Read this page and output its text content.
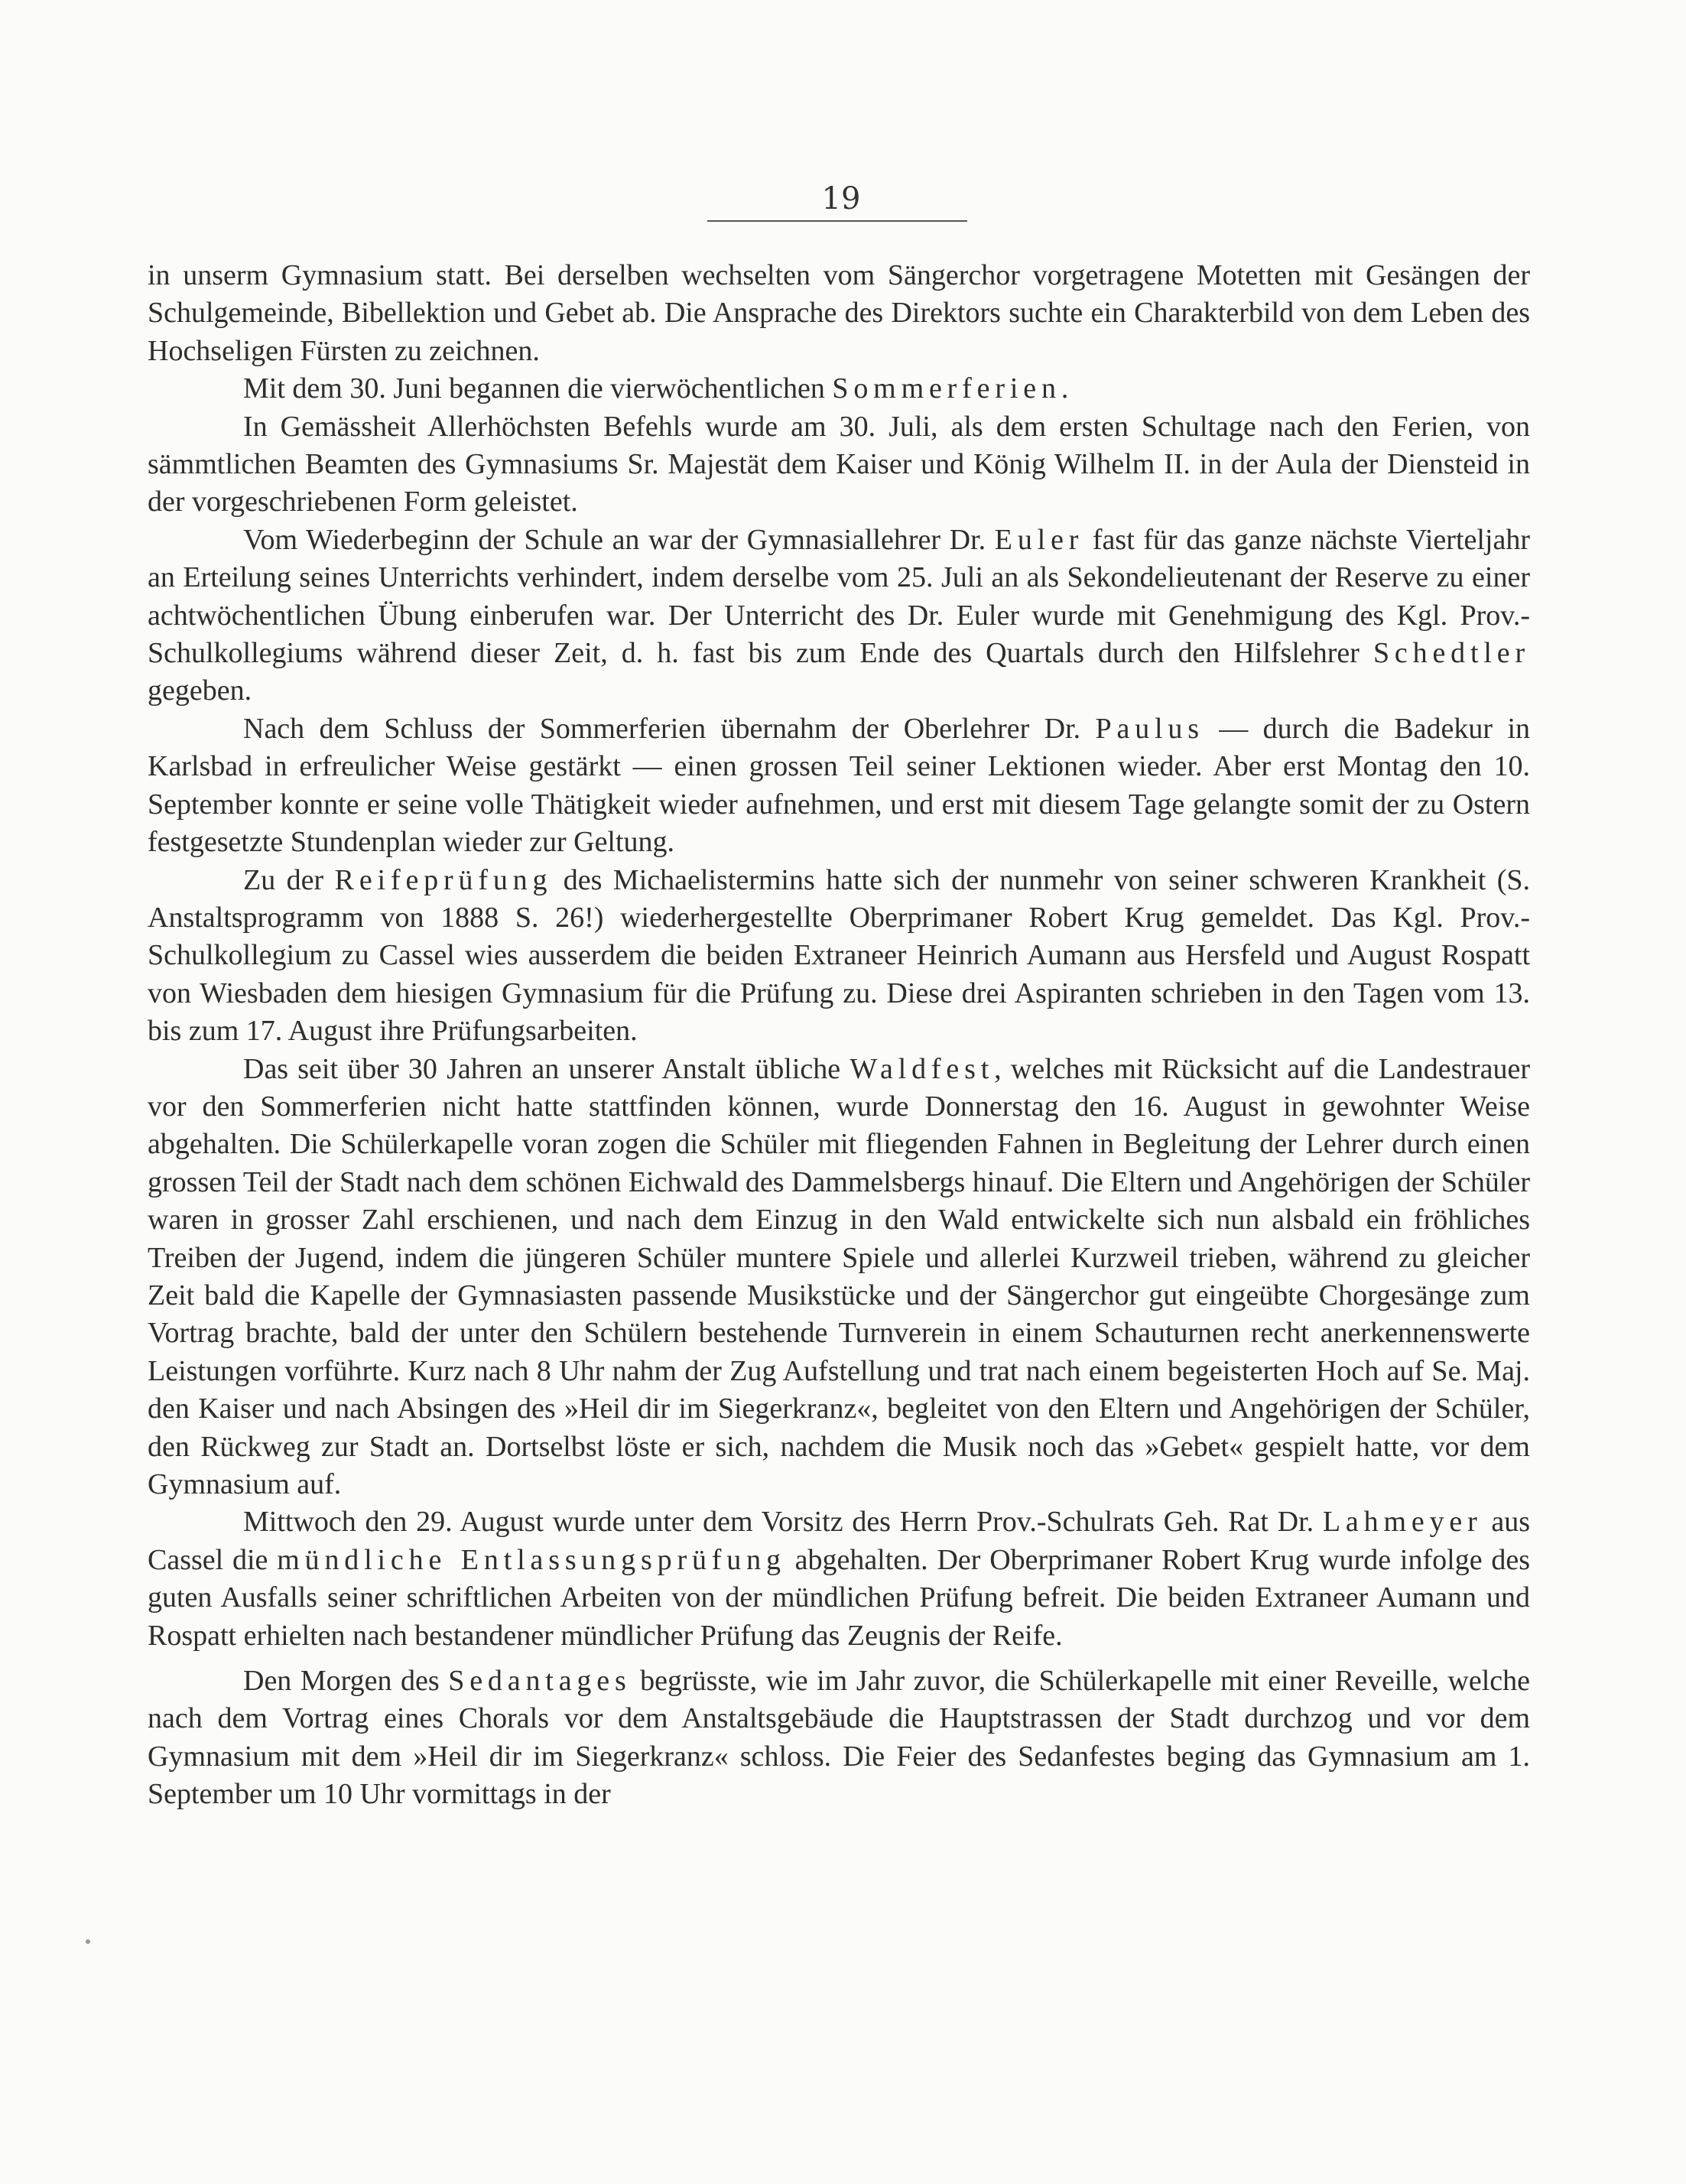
19

in unserm Gymnasium statt. Bei derselben wechselten vom Sängerchor vorgetragene Motetten mit Gesängen der Schulgemeinde, Bibellektion und Gebet ab. Die Ansprache des Direktors suchte ein Charakterbild von dem Leben des Hochseligen Fürsten zu zeichnen.

Mit dem 30. Juni begannen die vierwöchentlichen Sommerferien.

In Gemässheit Allerhöchsten Befehls wurde am 30. Juli, als dem ersten Schultage nach den Ferien, von sämmtlichen Beamten des Gymnasiums Sr. Majestät dem Kaiser und König Wilhelm II. in der Aula der Diensteid in der vorgeschriebenen Form geleistet.

Vom Wiederbeginn der Schule an war der Gymnasiallehrer Dr. Euler fast für das ganze nächste Vierteljahr an Erteilung seines Unterrichts verhindert, indem derselbe vom 25. Juli an als Sekondelieutenant der Reserve zu einer achtwöchentlichen Übung einberufen war. Der Unterricht des Dr. Euler wurde mit Genehmigung des Kgl. Prov.-Schulkollegiums während dieser Zeit, d. h. fast bis zum Ende des Quartals durch den Hilfslehrer Schedtler gegeben.

Nach dem Schluss der Sommerferien übernahm der Oberlehrer Dr. Paulus — durch die Badekur in Karlsbad in erfreulicher Weise gestärkt — einen grossen Teil seiner Lektionen wieder. Aber erst Montag den 10. September konnte er seine volle Thätigkeit wieder aufnehmen, und erst mit diesem Tage gelangte somit der zu Ostern festgesetzte Stundenplan wieder zur Geltung.

Zu der Reifeprüfung des Michaelistermins hatte sich der nunmehr von seiner schweren Krankheit (S. Anstaltsprogramm von 1888 S. 26!) wiederhergestellte Oberprimaner Robert Krug gemeldet. Das Kgl. Prov.-Schulkollegium zu Cassel wies ausserdem die beiden Extraneer Heinrich Aumann aus Hersfeld und August Rospatt von Wiesbaden dem hiesigen Gymnasium für die Prüfung zu. Diese drei Aspiranten schrieben in den Tagen vom 13. bis zum 17. August ihre Prüfungsarbeiten.

Das seit über 30 Jahren an unserer Anstalt übliche Waldfest, welches mit Rücksicht auf die Landestrauer vor den Sommerferien nicht hatte stattfinden können, wurde Donnerstag den 16. August in gewohnter Weise abgehalten. Die Schülerkapelle voran zogen die Schüler mit fliegenden Fahnen in Begleitung der Lehrer durch einen grossen Teil der Stadt nach dem schönen Eichwald des Dammelsbergs hinauf. Die Eltern und Angehörigen der Schüler waren in grosser Zahl erschienen, und nach dem Einzug in den Wald entwickelte sich nun alsbald ein fröhliches Treiben der Jugend, indem die jüngeren Schüler muntere Spiele und allerlei Kurzweil trieben, während zu gleicher Zeit bald die Kapelle der Gymnasiasten passende Musikstücke und der Sängerchor gut eingeübte Chorgesänge zum Vortrag brachte, bald der unter den Schülern bestehende Turnverein in einem Schauturnen recht anerkennenswerte Leistungen vorführte. Kurz nach 8 Uhr nahm der Zug Aufstellung und trat nach einem begeisterten Hoch auf Se. Maj. den Kaiser und nach Absingen des »Heil dir im Siegerkranz«, begleitet von den Eltern und Angehörigen der Schüler, den Rückweg zur Stadt an. Dortselbst löste er sich, nachdem die Musik noch das »Gebet« gespielt hatte, vor dem Gymnasium auf.

Mittwoch den 29. August wurde unter dem Vorsitz des Herrn Prov.-Schulrats Geh. Rat Dr. Lahmeyer aus Cassel die mündliche Entlassungsprüfung abgehalten. Der Oberprimaner Robert Krug wurde infolge des guten Ausfalls seiner schriftlichen Arbeiten von der mündlichen Prüfung befreit. Die beiden Extraneer Aumann und Rospatt erhielten nach bestandener mündlicher Prüfung das Zeugnis der Reife.

Den Morgen des Sedantages begrüsste, wie im Jahr zuvor, die Schülerkapelle mit einer Reveille, welche nach dem Vortrag eines Chorals vor dem Anstaltsgebäude die Hauptstrassen der Stadt durchzog und vor dem Gymnasium mit dem »Heil dir im Siegerkranz« schloss. Die Feier des Sedanfestes beging das Gymnasium am 1. September um 10 Uhr vormittags in der
